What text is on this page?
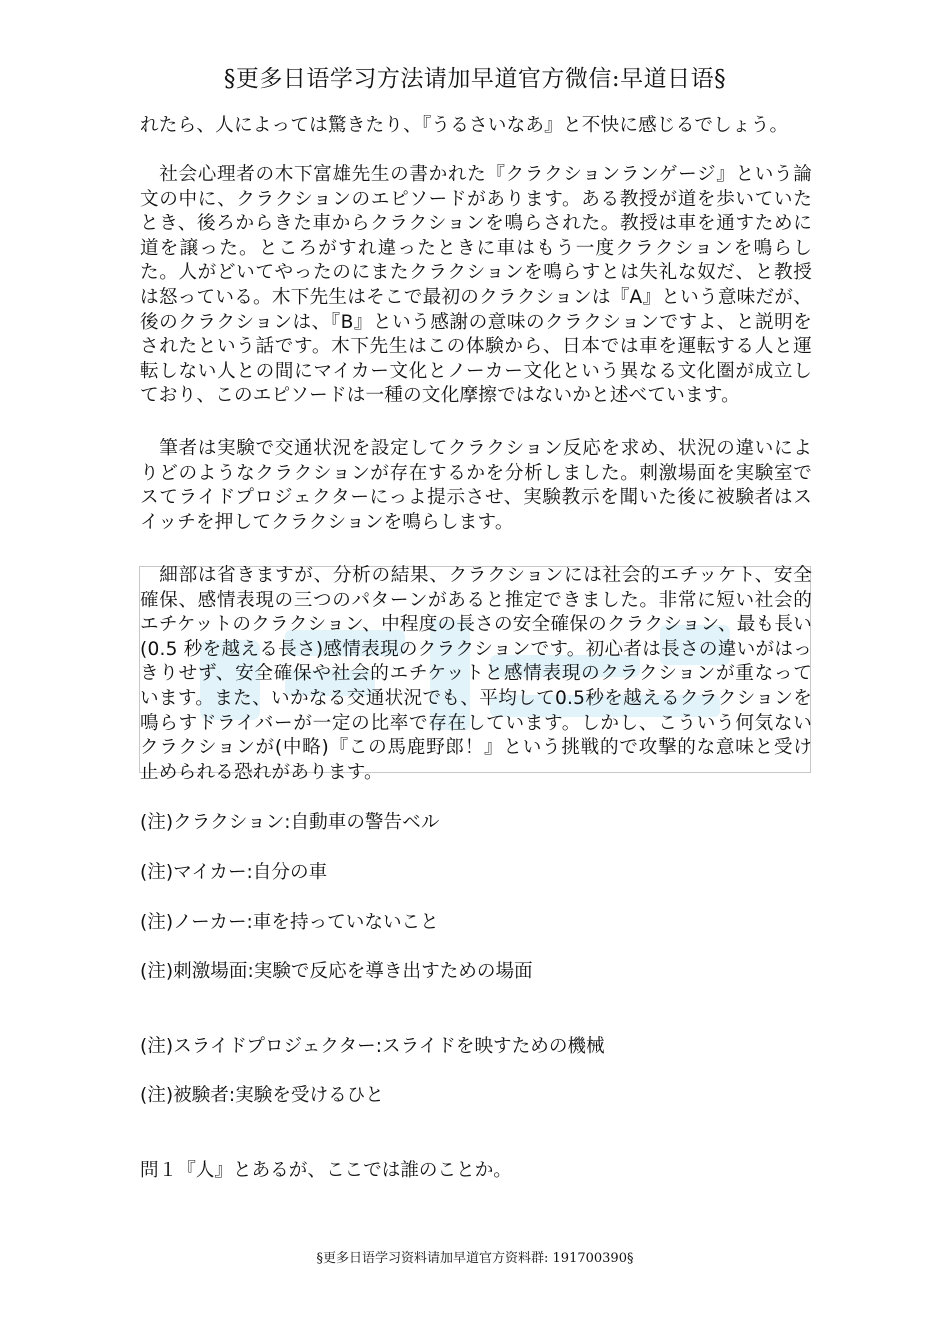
§更多日语学习方法请加早道官方微信:早道日语§
れたら、人によっては驚きたり、『うるさいなあ』と不快に感じるでしょう。
　社会心理者の木下富雄先生の書かれた『クラクションランゲージ』という論文の中に、クラクションのエピソードがあります。ある教授が道を歩いていたとき、後ろからきた車からクラクションを鳴らされた。教授は車を通すために道を譲った。ところがすれ違ったときに車はもう一度クラクションを鳴らした。人がどいてやったのにまたクラクションを鳴らすとは失礼な奴だ、と教授は怒っている。木下先生はそこで最初のクラクションは『A』という意味だが、後のクラクションは、『B』という感謝の意味のクラクションですよ、と説明をされたという話です。木下先生はこの体験から、日本では車を運転する人と運転しない人との間にマイカー文化とノーカー文化という異なる文化圏が成立しており、このエピソードは一種の文化摩擦ではないかと述べています。
　筆者は実験で交通状況を設定してクラクション反応を求め、状況の違いによりどのようなクラクションが存在するかを分析しました。刺激場面を実験室でスてライドプロジェクターにっよ提示させ、実験教示を聞いた後に被験者はスイッチを押してクラクションを鳴らします。
　細部は省きますが、分析の結果、クラクションには社会的エチッケト、安全確保、感情表現の三つのパターンがあると推定できました。非常に短い社会的エチケットのクラクション、中程度の長さの安全確保のクラクション、最も長い(0.5 秒を越える長さ)感情表現のクラクションです。初心者は長さの違いがはっきりせず、安全確保や社会的エチケットと感情表現のクラクションが重なっています。また、いかなる交通状況でも、平均して0.5秒を越えるクラクションを鳴らすドライバーが一定の比率で存在しています。しかし、こういう何気ないクラクションが(中略)『この馬鹿野郎！』という挑戦的で攻撃的な意味と受け止められる恐れがあります。
(注)クラクション:自動車の警告ベル
(注)マイカー:自分の車
(注)ノーカー:車を持っていないこと
(注)刺激場面:実験で反応を導き出すための場面
(注)スライドプロジェクター:スライドを映すための機械
(注)被験者:実験を受けるひと
問１『人』とあるが、ここでは誰のことか。
§更多日语学习资料请加早道官方资料群: 191700390§
